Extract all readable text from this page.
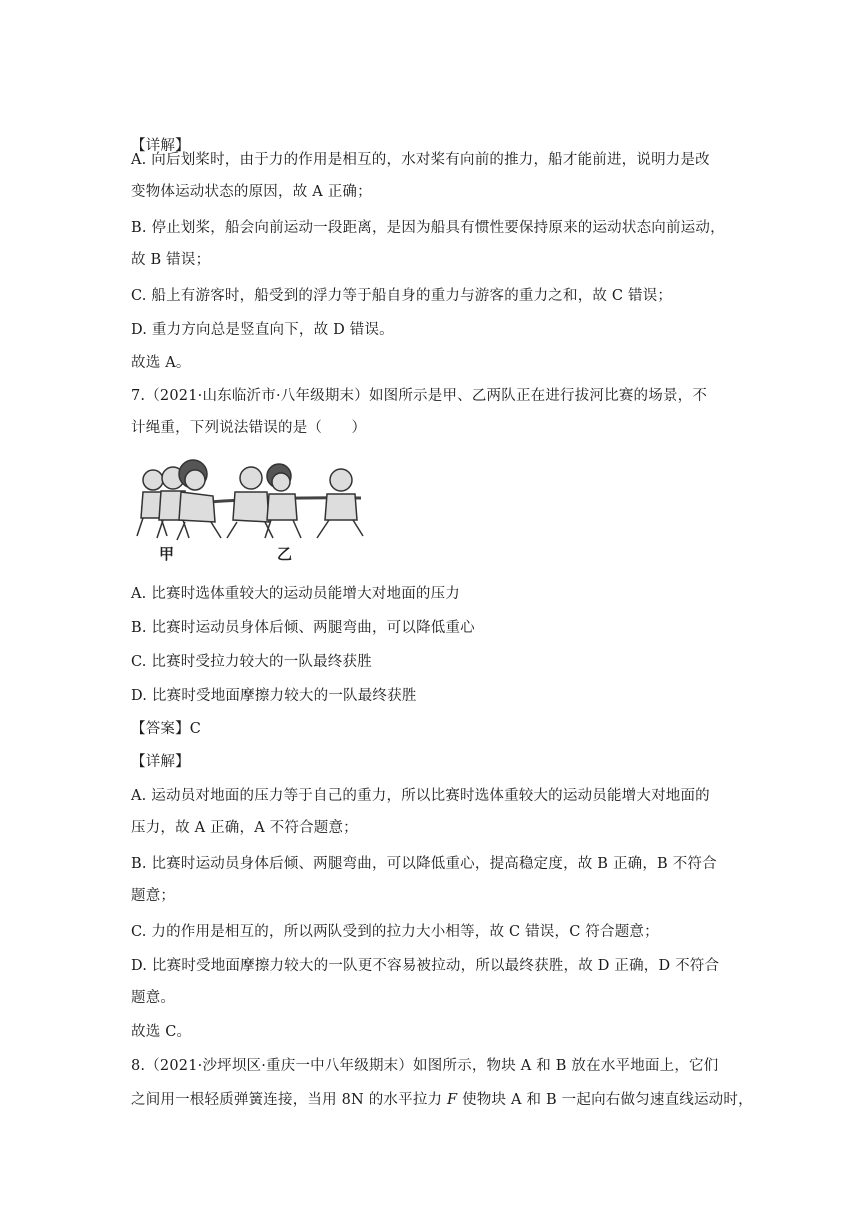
【详解】
A. 向后划桨时，由于力的作用是相互的，水对桨有向前的推力，船才能前进，说明力是改
变物体运动状态的原因，故 A 正确；
B. 停止划桨，船会向前运动一段距离，是因为船具有惯性要保持原来的运动状态向前运动，
故 B 错误；
C. 船上有游客时，船受到的浮力等于船自身的重力与游客的重力之和，故 C 错误；
D. 重力方向总是竖直向下，故 D 错误。
故选 A。
7.（2021·山东临沂市·八年级期末）如图所示是甲、乙两队正在进行拔河比赛的场景，不
计绳重，下列说法错误的是（　　）
甲	乙
A. 比赛时选体重较大的运动员能增大对地面的压力
B. 比赛时运动员身体后倾、两腿弯曲，可以降低重心
C. 比赛时受拉力较大的一队最终获胜
D. 比赛时受地面摩擦力较大的一队最终获胜
【答案】C
【详解】
A. 运动员对地面的压力等于自己的重力，所以比赛时选体重较大的运动员能增大对地面的
压力，故 A 正确，A 不符合题意；
B. 比赛时运动员身体后倾、两腿弯曲，可以降低重心，提高稳定度，故 B 正确，B 不符合
题意；
C. 力的作用是相互的，所以两队受到的拉力大小相等，故 C 错误，C 符合题意；
D. 比赛时受地面摩擦力较大的一队更不容易被拉动，所以最终获胜，故 D 正确，D 不符合
题意。
故选 C。
8.（2021·沙坪坝区·重庆一中八年级期末）如图所示，物块 A 和 B 放在水平地面上，它们
之间用一根轻质弹簧连接，当用 8N 的水平拉力 F 使物块 A 和 B 一起向右做匀速直线运动时，
